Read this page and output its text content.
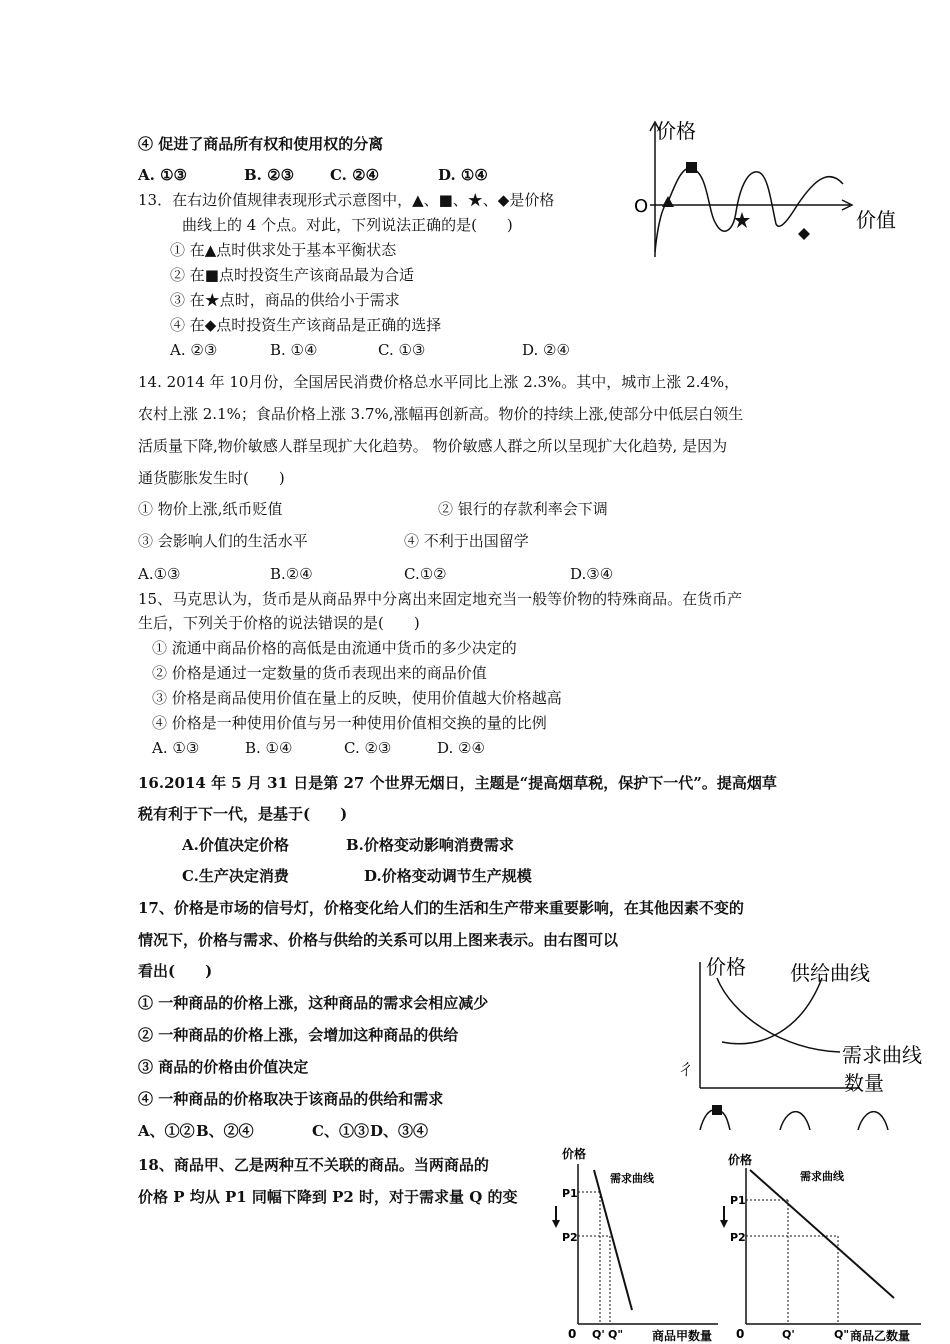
④ 促进了商品所有权和使用权的分离
A. ①③	B. ②③ C. ②④	D. ①④
13．在右边价值规律表现形式示意图中，▲、■、★、◆是价格
曲线上的 4 个点。对此，下列说法正确的是(　　)
① 在▲点时供求处于基本平衡状态
② 在■点时投资生产该商品最为合适
③ 在★点时，商品的供给小于需求
④ 在◆点时投资生产该商品是正确的选择
A. ②③	B. ①④	C. ①③	D. ②④
价格
O
价值
14. 2014 年 10月份，全国居民消费价格总水平同比上涨 2.3%。其中，城市上涨 2.4%，
农村上涨 2.1%；食品价格上涨 3.7%,涨幅再创新高。物价的持续上涨,使部分中低层白领生
活质量下降,物价敏感人群呈现扩大化趋势。 物价敏感人群之所以呈现扩大化趋势, 是因为
通货膨胀发生时(　　)
① 物价上涨,纸币贬值	② 银行的存款利率会下调
③ 会影响人们的生活水平	④ 不利于出国留学
A.①③	B.②④	C.①②	D.③④
15、马克思认为，货币是从商品界中分离出来固定地充当一般等价物的特殊商品。在货币产
生后，下列关于价格的说法错误的是(　　)
① 流通中商品价格的高低是由流通中货币的多少决定的
② 价格是通过一定数量的货币表现出来的商品价值
③ 价格是商品使用价值在量上的反映，使用价值越大价格越高
④ 价格是一种使用价值与另一种使用价值相交换的量的比例
A. ①③	B. ①④	C. ②③	D. ②④
16.2014 年 5 月 31 日是第 27 个世界无烟日，主题是“提高烟草税，保护下一代”。提高烟草
税有利于下一代，是基于(　　)
A.价值决定价格	B.价格变动影响消费需求
C.生产决定消费	D.价格变动调节生产规模
17、价格是市场的信号灯，价格变化给人们的生活和生产带来重要影响，在其他因素不变的
情况下，价格与需求、价格与供给的关系可以用上图来表示。由右图可以
看出(　　)
① 一种商品的价格上涨，这种商品的需求会相应减少
② 一种商品的价格上涨，会增加这种商品的供给
③ 商品的价格由价值决定
④ 一种商品的价格取决于该商品的供给和需求
A、①② B、②④	C、①③ D、③④
价格 供给曲线
需求曲线
数量
ㄔ
18、商品甲、乙是两种互不关联的商品。当两商品的
价格 P 均从 P1 同幅下降到 P2 时，对于需求量 Q 的变
价格
需求曲线
P1
P2
0 Q' Q" 商品甲数量
价格
需求曲线
P1
P2
0	Q'	Q" 商品乙数量
